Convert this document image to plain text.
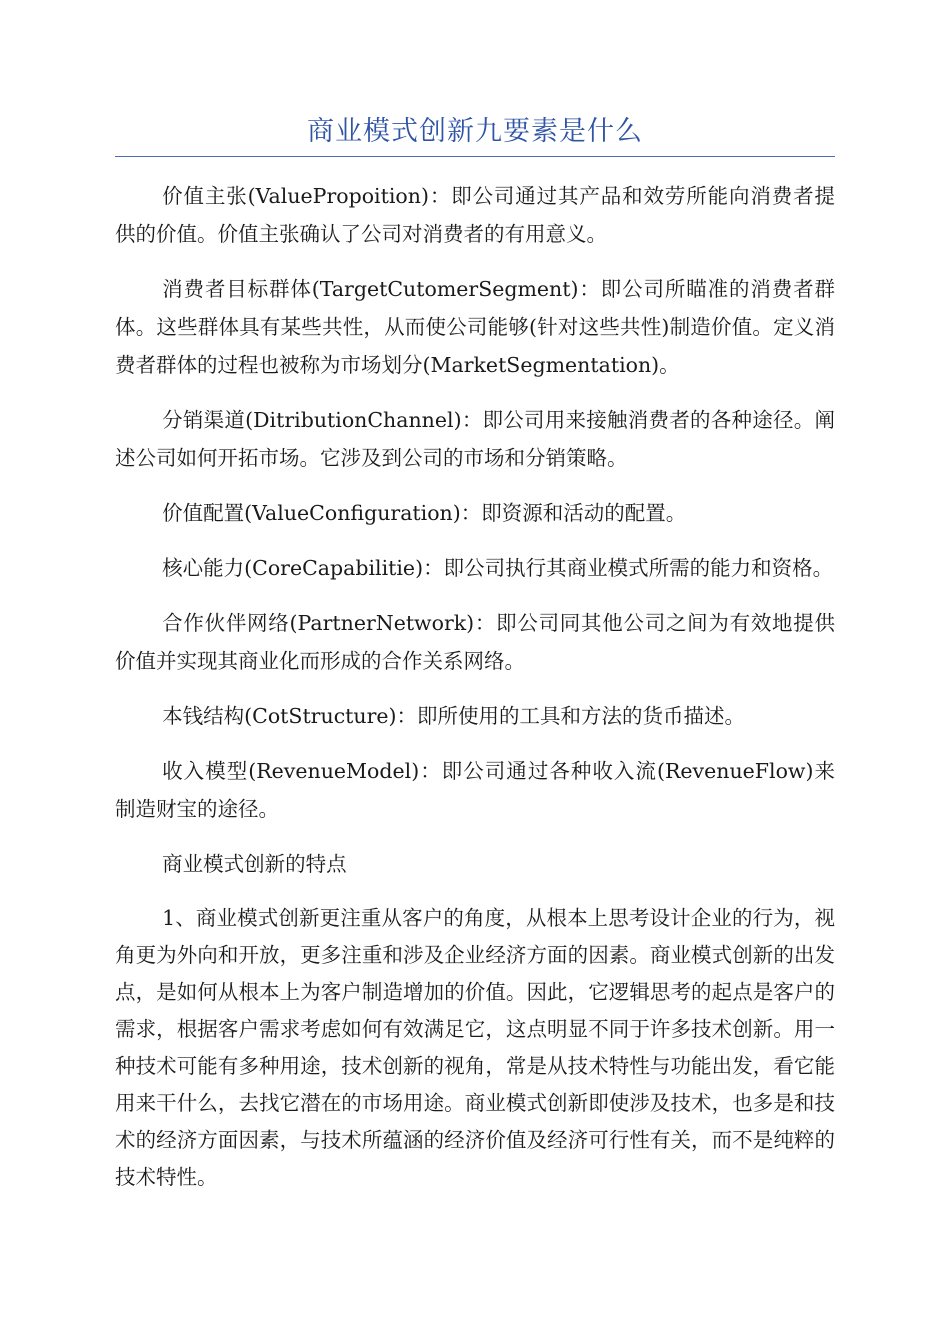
商业模式创新九要素是什么

价值主张(ValuePropoition)：即公司通过其产品和效劳所能向消费者提供的价值。价值主张确认了公司对消费者的有用意义。

消费者目标群体(TargetCutomerSegment)：即公司所瞄准的消费者群体。这些群体具有某些共性，从而使公司能够(针对这些共性)制造价值。定义消费者群体的过程也被称为市场划分(MarketSegmentation)。

分销渠道(DitributionChannel)：即公司用来接触消费者的各种途径。阐述公司如何开拓市场。它涉及到公司的市场和分销策略。

价值配置(ValueConfiguration)：即资源和活动的配置。

核心能力(CoreCapabilitie)：即公司执行其商业模式所需的能力和资格。

合作伙伴网络(PartnerNetwork)：即公司同其他公司之间为有效地提供价值并实现其商业化而形成的合作关系网络。

本钱结构(CotStructure)：即所使用的工具和方法的货币描述。

收入模型(RevenueModel)：即公司通过各种收入流(RevenueFlow)来制造财宝的途径。

商业模式创新的特点

1、商业模式创新更注重从客户的角度，从根本上思考设计企业的行为，视角更为外向和开放，更多注重和涉及企业经济方面的因素。商业模式创新的出发点，是如何从根本上为客户制造增加的价值。因此，它逻辑思考的起点是客户的需求，根据客户需求考虑如何有效满足它，这点明显不同于许多技术创新。用一种技术可能有多种用途，技术创新的视角，常是从技术特性与功能出发，看它能用来干什么，去找它潜在的市场用途。商业模式创新即使涉及技术，也多是和技术的经济方面因素，与技术所蕴涵的经济价值及经济可行性有关，而不是纯粹的技术特性。
